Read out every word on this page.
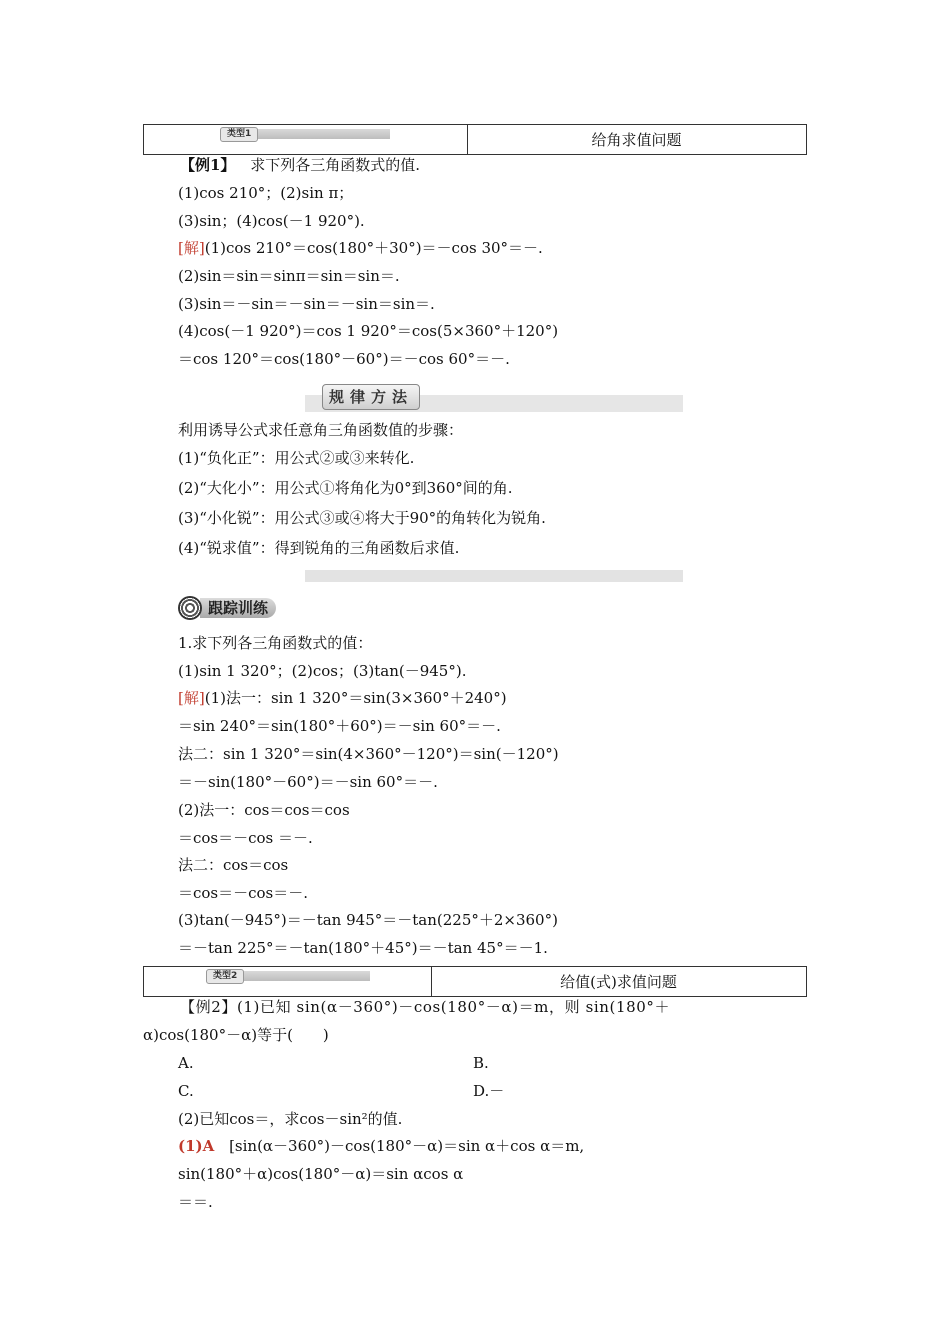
类型1	给角求值问题
【例1】 求下列各三角函数式的值.
(1)cos 210°；(2)sin π；
(3)sin；(4)cos(－1 920°).
[解](1)cos 210°＝cos(180°＋30°)＝－cos 30°＝－.
(2)sin＝sin＝sinπ＝sin＝sin＝.
(3)sin＝－sin＝－sin＝－sin＝sin＝.
(4)cos(－1 920°)＝cos 1 920°＝cos(5×360°＋120°)
＝cos 120°＝cos(180°－60°)＝－cos 60°＝－.
规律方法
利用诱导公式求任意角三角函数值的步骤：
(1)“负化正”：用公式②或③来转化.
(2)“大化小”：用公式①将角化为0°到360°间的角.
(3)“小化锐”：用公式③或④将大于90°的角转化为锐角.
(4)“锐求值”：得到锐角的三角函数后求值.
跟踪训练
1.求下列各三角函数式的值：
(1)sin 1 320°；(2)cos；(3)tan(－945°).
[解](1)法一：sin 1 320°＝sin(3×360°＋240°)
＝sin 240°＝sin(180°＋60°)＝－sin 60°＝－.
法二：sin 1 320°＝sin(4×360°－120°)＝sin(－120°)
＝－sin(180°－60°)＝－sin 60°＝－.
(2)法一：cos＝cos＝cos
＝cos＝－cos ＝－.
法二：cos＝cos
＝cos＝－cos＝－.
(3)tan(－945°)＝－tan 945°＝－tan(225°＋2×360°)
＝－tan 225°＝－tan(180°＋45°)＝－tan 45°＝－1.
类型2	给值(式)求值问题
【例2】(1)已知 sin(α－360°)－cos(180°－α)＝m，则 sin(180°＋
α)cos(180°－α)等于(　　)
A.	B.
C.	D.－
(2)已知cos＝，求cos－sin²的值.
(1)A [sin(α－360°)－cos(180°－α)＝sin α＋cos α＝m,
sin(180°＋α)cos(180°－α)＝sin αcos α
＝＝.
